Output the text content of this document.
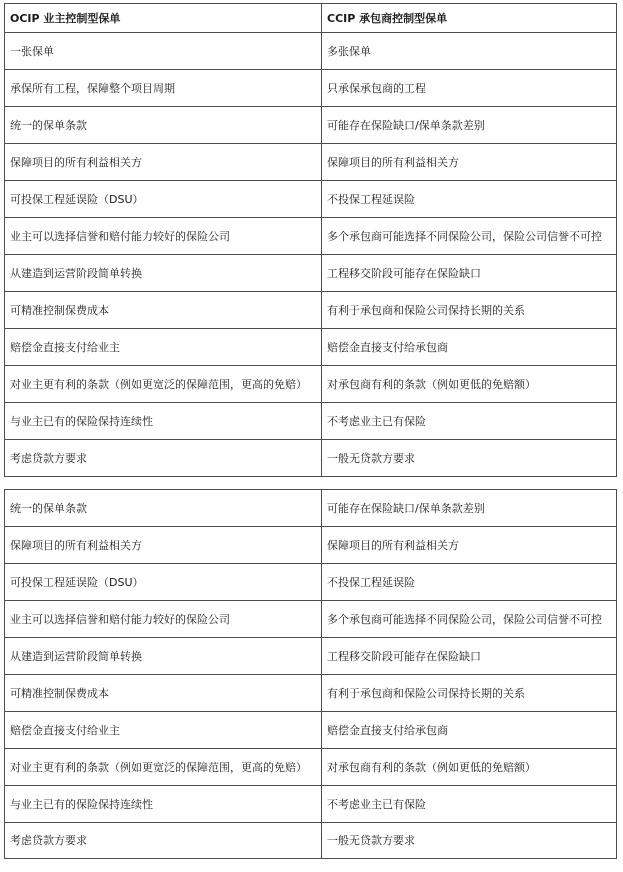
OCIP 业主控制型保单	CCIP 承包商控制型保单
一张保单	多张保单
承保所有工程，保障整个项目周期	只承保承包商的工程
统一的保单条款	可能存在保险缺口/保单条款差别
保障项目的所有利益相关方	保障项目的所有利益相关方
可投保工程延误险（DSU）	不投保工程延误险
业主可以选择信誉和赔付能力较好的保险公司	多个承包商可能选择不同保险公司，保险公司信誉不可控
从建造到运营阶段简单转换	工程移交阶段可能存在保险缺口
可精准控制保费成本	有利于承包商和保险公司保持长期的关系
赔偿金直接支付给业主	赔偿金直接支付给承包商
对业主更有利的条款（例如更宽泛的保障范围，更高的免赔）	对承包商有利的条款（例如更低的免赔额）
与业主已有的保险保持连续性	不考虑业主已有保险
考虑贷款方要求	一般无贷款方要求
统一的保单条款	可能存在保险缺口/保单条款差别
保障项目的所有利益相关方	保障项目的所有利益相关方
可投保工程延误险（DSU）	不投保工程延误险
业主可以选择信誉和赔付能力较好的保险公司	多个承包商可能选择不同保险公司，保险公司信誉不可控
从建造到运营阶段简单转换	工程移交阶段可能存在保险缺口
可精准控制保费成本	有利于承包商和保险公司保持长期的关系
赔偿金直接支付给业主	赔偿金直接支付给承包商
对业主更有利的条款（例如更宽泛的保障范围，更高的免赔）	对承包商有利的条款（例如更低的免赔额）
与业主已有的保险保持连续性	不考虑业主已有保险
考虑贷款方要求	一般无贷款方要求
